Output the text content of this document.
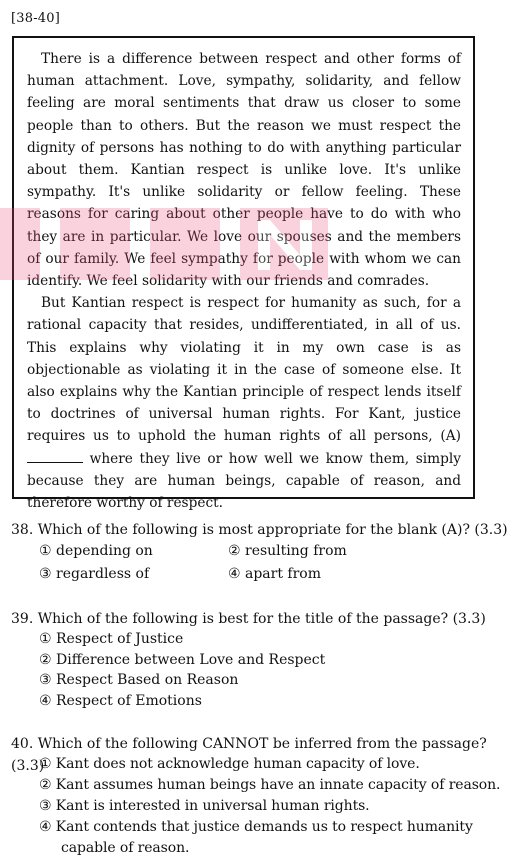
[38-40]

There is a difference between respect and other forms of human attachment. Love, sympathy, solidarity, and fellow feeling are moral sentiments that draw us closer to some people than to others. But the reason we must respect the dignity of persons has nothing to do with anything particular about them. Kantian respect is unlike love. It's unlike sympathy. It's unlike solidarity or fellow feeling. These reasons for caring about other people have to do with who they are in particular. We love our spouses and the members of our family. We feel sympathy for people with whom we can identify. We feel solidarity with our friends and comrades.

But Kantian respect is respect for humanity as such, for a rational capacity that resides, undifferentiated, in all of us. This explains why violating it in my own case is as objectionable as violating it in the case of someone else. It also explains why the Kantian principle of respect lends itself to doctrines of universal human rights. For Kant, justice requires us to uphold the human rights of all persons, (A) where they live or how well we know them, simply because they are human beings, capable of reason, and therefore worthy of respect.

38. Which of the following is most appropriate for the blank (A)? (3.3)
① depending on	② resulting from
③ regardless of	④ apart from
39. Which of the following is best for the title of the passage? (3.3)
① Respect of Justice
② Difference between Love and Respect
③ Respect Based on Reason
④ Respect of Emotions
40. Which of the following CANNOT be inferred from the passage? (3.3)
① Kant does not acknowledge human capacity of love.
② Kant assumes human beings have an innate capacity of reason.
③ Kant is interested in universal human rights.
④ Kant contends that justice demands us to respect humanity
capable of reason.
